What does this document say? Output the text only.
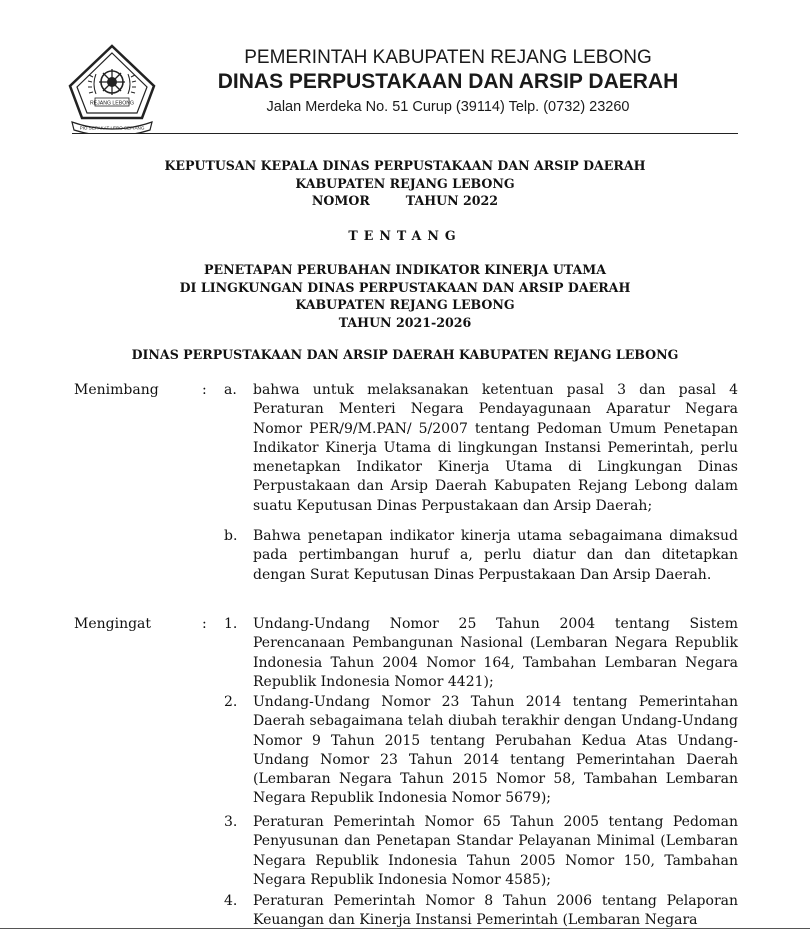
REJANG LEBONG
PIO SEPAKAT LEBO SEPIANG
PEMERINTAH KABUPATEN REJANG LEBONG
DINAS PERPUSTAKAAN DAN ARSIP DAERAH
Jalan Merdeka No. 51 Curup (39114) Telp. (0732) 23260
KEPUTUSAN KEPALA DINAS PERPUSTAKAAN DAN ARSIP DAERAH
KABUPATEN REJANG LEBONG
NOMOR	TAHUN 2022
TENTANG
PENETAPAN PERUBAHAN INDIKATOR KINERJA UTAMA
DI LINGKUNGAN DINAS PERPUSTAKAAN DAN ARSIP DAERAH
KABUPATEN REJANG LEBONG
TAHUN 2021-2026
DINAS PERPUSTAKAAN DAN ARSIP DAERAH KABUPATEN REJANG LEBONG
Menimbang	: a. bahwa untuk melaksanakan ketentuan pasal 3 dan pasal 4 Peraturan Menteri Negara Pendayagunaan Aparatur Negara Nomor PER/9/M.PAN/ 5/2007 tentang Pedoman Umum Penetapan Indikator Kinerja Utama di lingkungan Instansi Pemerintah, perlu menetapkan Indikator Kinerja Utama di Lingkungan Dinas Perpustakaan dan Arsip Daerah Kabupaten Rejang Lebong dalam suatu Keputusan Dinas Perpustakaan dan Arsip Daerah;
b. Bahwa penetapan indikator kinerja utama sebagaimana dimaksud pada pertimbangan huruf a, perlu diatur dan dan ditetapkan dengan Surat Keputusan Dinas Perpustakaan Dan Arsip Daerah.
Mengingat	: 1. Undang-Undang Nomor 25 Tahun 2004 tentang Sistem Perencanaan Pembangunan Nasional (Lembaran Negara Republik Indonesia Tahun 2004 Nomor 164, Tambahan Lembaran Negara Republik Indonesia Nomor 4421);
2. Undang-Undang Nomor 23 Tahun 2014 tentang Pemerintahan Daerah sebagaimana telah diubah terakhir dengan Undang-Undang Nomor 9 Tahun 2015 tentang Perubahan Kedua Atas Undang-Undang Nomor 23 Tahun 2014 tentang Pemerintahan Daerah (Lembaran Negara Tahun 2015 Nomor 58, Tambahan Lembaran Negara Republik Indonesia Nomor 5679);
3. Peraturan Pemerintah Nomor 65 Tahun 2005 tentang Pedoman Penyusunan dan Penetapan Standar Pelayanan Minimal (Lembaran Negara Republik Indonesia Tahun 2005 Nomor 150, Tambahan Negara Republik Indonesia Nomor 4585);
4. Peraturan Pemerintah Nomor 8 Tahun 2006 tentang Pelaporan Keuangan dan Kinerja Instansi Pemerintah (Lembaran Negara
